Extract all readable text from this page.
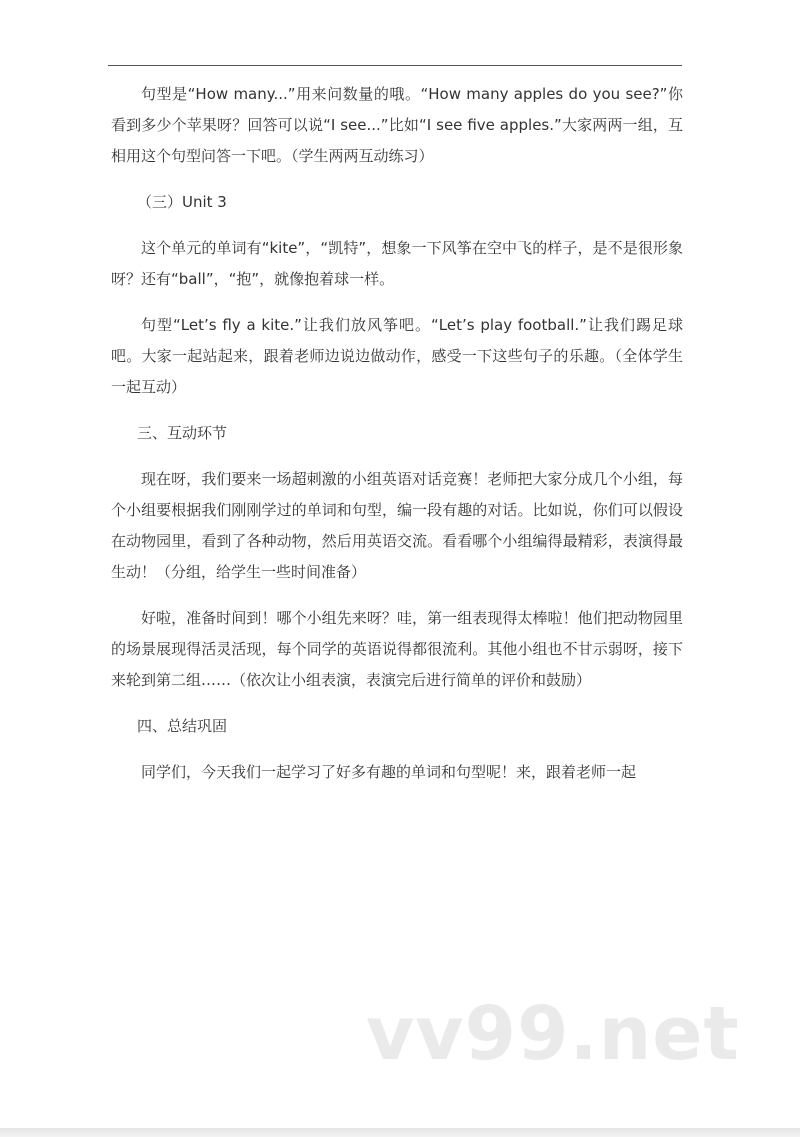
句型是“How many...”用来问数量的哦。“How many apples do you see?”你看到多少个苹果呀？回答可以说“I see...”比如“I see five apples.”大家两两一组，互相用这个句型问答一下吧。（学生两两互动练习）

（三）Unit 3

这个单元的单词有“kite”，“凯特”，想象一下风筝在空中飞的样子，是不是很形象呀？还有“ball”，“抱”，就像抱着球一样。

句型“Let’s fly a kite.”让我们放风筝吧。“Let’s play football.”让我们踢足球吧。大家一起站起来，跟着老师边说边做动作，感受一下这些句子的乐趣。（全体学生一起互动）

三、互动环节

现在呀，我们要来一场超刺激的小组英语对话竞赛！老师把大家分成几个小组，每个小组要根据我们刚刚学过的单词和句型，编一段有趣的对话。比如说，你们可以假设在动物园里，看到了各种动物，然后用英语交流。看看哪个小组编得最精彩，表演得最生动！（分组，给学生一些时间准备）

好啦，准备时间到！哪个小组先来呀？哇，第一组表现得太棒啦！他们把动物园里的场景展现得活灵活现，每个同学的英语说得都很流利。其他小组也不甘示弱呀，接下来轮到第二组……（依次让小组表演，表演完后进行简单的评价和鼓励）

四、总结巩固

同学们，今天我们一起学习了好多有趣的单词和句型呢！来，跟着老师一起

vv99.net
